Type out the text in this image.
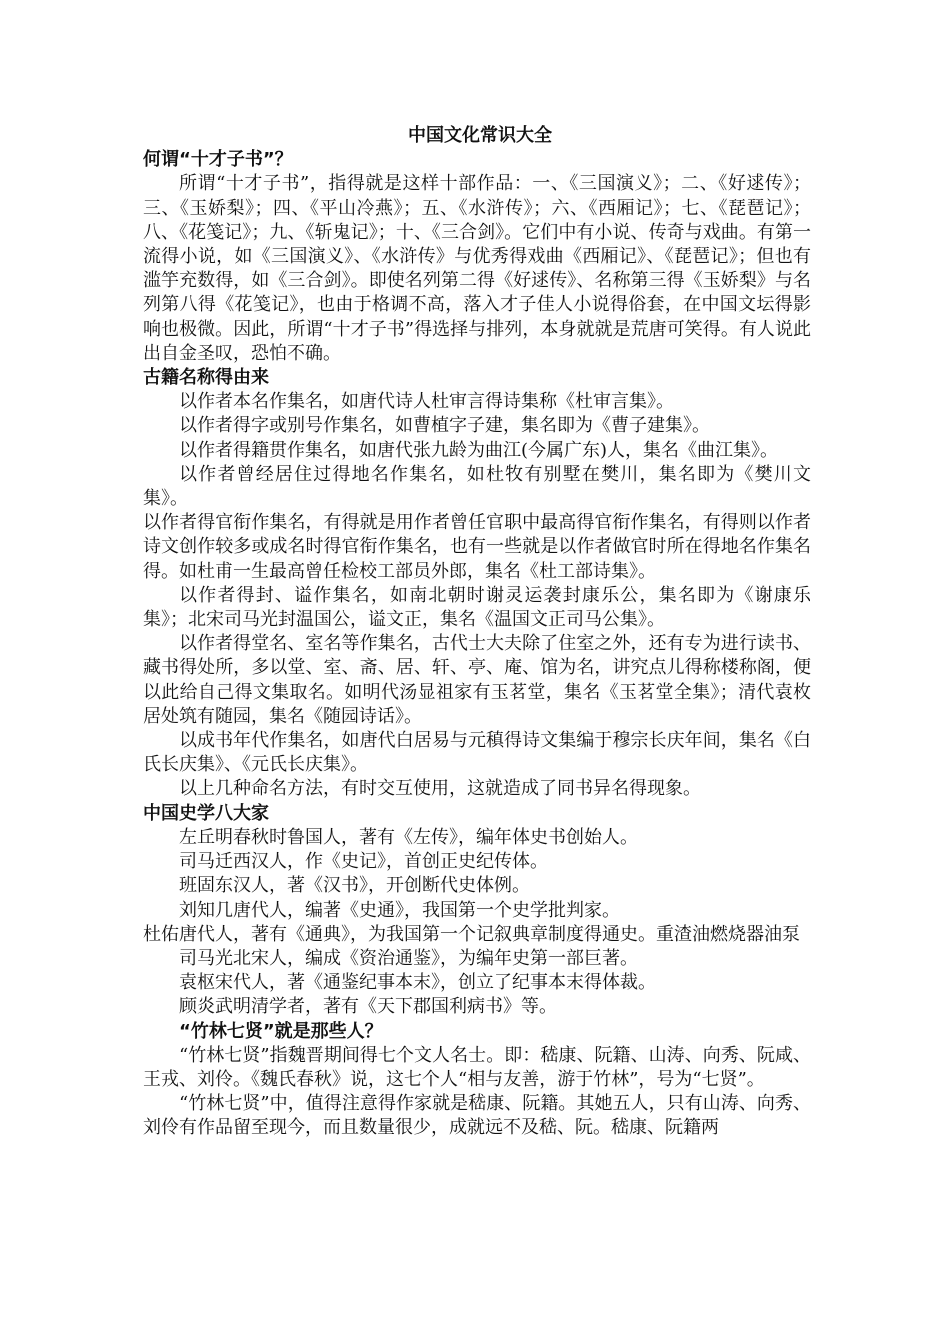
中国文化常识大全
何谓“十才子书”？

所谓“十才子书”，指得就是这样十部作品：一、《三国演义》；二、《好逑传》；三、《玉娇梨》；四、《平山冷燕》；五、《水浒传》；六、《西厢记》；七、《琵琶记》；八、《花笺记》；九、《斩鬼记》；十、《三合剑》。它们中有小说、传奇与戏曲。有第一流得小说，如《三国演义》、《水浒传》与优秀得戏曲《西厢记》、《琵琶记》；但也有滥竽充数得，如《三合剑》。即使名列第二得《好逑传》、名称第三得《玉娇梨》与名列第八得《花笺记》，也由于格调不高，落入才子佳人小说得俗套，在中国文坛得影响也极微。因此，所谓“十才子书”得选择与排列，本身就就是荒唐可笑得。有人说此出自金圣叹，恐怕不确。

古籍名称得由来

以作者本名作集名，如唐代诗人杜审言得诗集称《杜审言集》。

以作者得字或别号作集名，如曹植字子建，集名即为《曹子建集》。

以作者得籍贯作集名，如唐代张九龄为曲江(今属广东)人，集名《曲江集》。

以作者曾经居住过得地名作集名，如杜牧有别墅在樊川，集名即为《樊川文集》。

以作者得官衔作集名，有得就是用作者曾任官职中最高得官衔作集名，有得则以作者诗文创作较多或成名时得官衔作集名，也有一些就是以作者做官时所在得地名作集名得。如杜甫一生最高曾任检校工部员外郎，集名《杜工部诗集》。

以作者得封、谥作集名，如南北朝时谢灵运袭封康乐公，集名即为《谢康乐集》；北宋司马光封温国公，谥文正，集名《温国文正司马公集》。

以作者得堂名、室名等作集名，古代士大夫除了住室之外，还有专为进行读书、藏书得处所，多以堂、室、斋、居、轩、亭、庵、馆为名，讲究点儿得称楼称阁，便以此给自己得文集取名。如明代汤显祖家有玉茗堂，集名《玉茗堂全集》；清代袁枚居处筑有随园，集名《随园诗话》。

以成书年代作集名，如唐代白居易与元稹得诗文集编于穆宗长庆年间，集名《白氏长庆集》、《元氏长庆集》。

以上几种命名方法，有时交互使用，这就造成了同书异名得现象。

中国史学八大家

左丘明春秋时鲁国人，著有《左传》，编年体史书创始人。

司马迁西汉人，作《史记》，首创正史纪传体。

班固东汉人，著《汉书》，开创断代史体例。

刘知几唐代人，编著《史通》，我国第一个史学批判家。

杜佑唐代人，著有《通典》，为我国第一个记叙典章制度得通史。重渣油燃烧器油泵

司马光北宋人，编成《资治通鉴》，为编年史第一部巨著。

袁枢宋代人，著《通鉴纪事本末》，创立了纪事本末得体裁。

顾炎武明清学者，著有《天下郡国利病书》等。

“竹林七贤”就是那些人？

“竹林七贤”指魏晋期间得七个文人名士。即：嵇康、阮籍、山涛、向秀、阮咸、王戎、刘伶。《魏氏春秋》说，这七个人“相与友善，游于竹林”，号为“七贤”。

“竹林七贤”中，值得注意得作家就是嵇康、阮籍。其她五人，只有山涛、向秀、刘伶有作品留至现今，而且数量很少，成就远不及嵇、阮。嵇康、阮籍两
